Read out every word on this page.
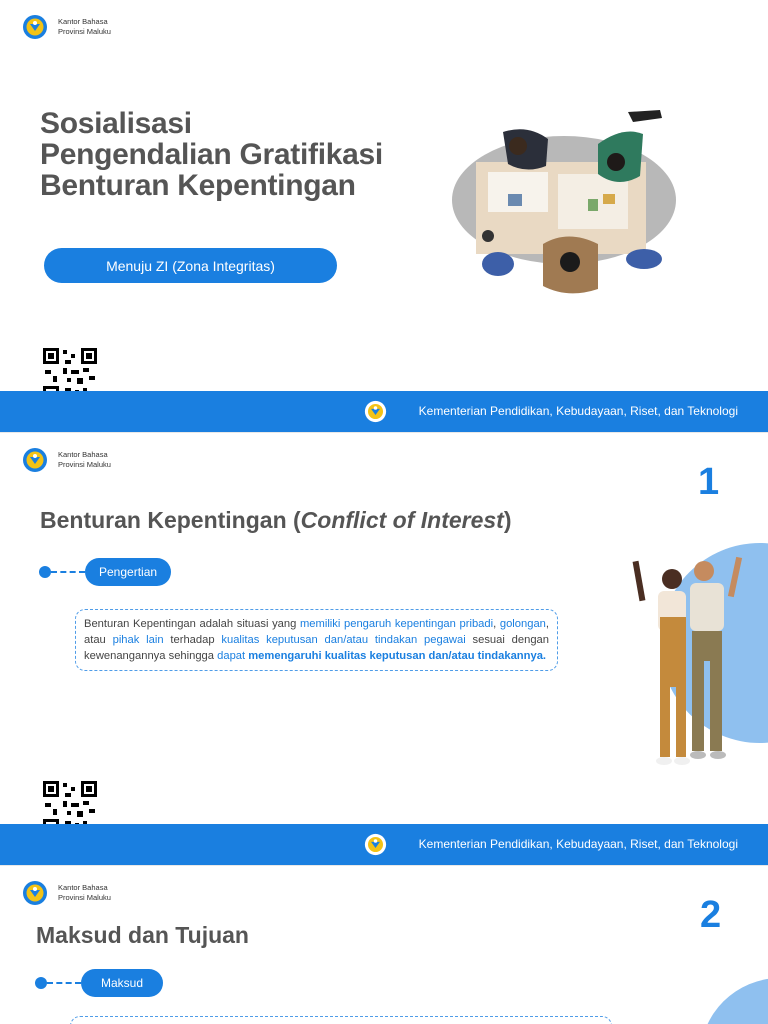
Kantor Bahasa
Provinsi Maluku
Sosialisasi
Pengendalian Gratifikasi
Benturan Kepentingan
Menuju ZI (Zona Integritas)
Kementerian Pendidikan, Kebudayaan, Riset, dan Teknologi
Kantor Bahasa
Provinsi Maluku	1
Benturan Kepentingan (Conflict of Interest)
Pengertian
Benturan Kepentingan adalah situasi yang memiliki pengaruh kepentingan pribadi, golongan, atau pihak lain terhadap kualitas keputusan dan/atau tindakan pegawai sesuai dengan kewenangannya sehingga dapat memengaruhi kualitas keputusan dan/atau tindakannya.
Kementerian Pendidikan, Kebudayaan, Riset, dan Teknologi
Kantor Bahasa
Provinsi Maluku	2
Maksud dan Tujuan
Maksud
